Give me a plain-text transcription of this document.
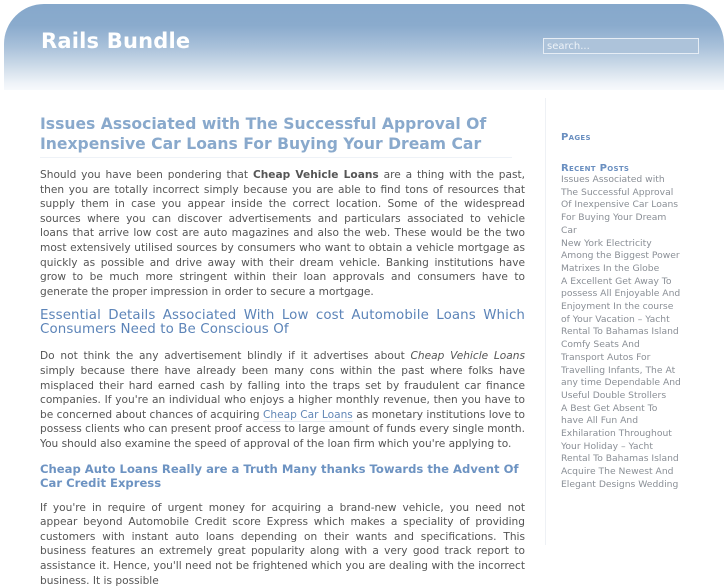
Rails Bundle
search...
Issues Associated with The Successful Approval Of Inexpensive Car Loans For Buying Your Dream Car

Should you have been pondering that Cheap Vehicle Loans are a thing with the past, then you are totally incorrect simply because you are able to find tons of resources that supply them in case you appear inside the correct location. Some of the widespread sources where you can discover advertisements and particulars associated to vehicle loans that arrive low cost are auto magazines and also the web. These would be the two most extensively utilised sources by consumers who want to obtain a vehicle mortgage as quickly as possible and drive away with their dream vehicle. Banking institutions have grow to be much more stringent within their loan approvals and consumers have to generate the proper impression in order to secure a mortgage.

Essential Details Associated With Low cost Automobile Loans Which Consumers Need to Be Conscious Of

Do not think the any advertisement blindly if it advertises about Cheap Vehicle Loans simply because there have already been many cons within the past where folks have misplaced their hard earned cash by falling into the traps set by fraudulent car finance companies. If you're an individual who enjoys a higher monthly revenue, then you have to be concerned about chances of acquiring Cheap Car Loans as monetary institutions love to possess clients who can present proof access to large amount of funds every single month. You should also examine the speed of approval of the loan firm which you're applying to.

Cheap Auto Loans Really are a Truth Many thanks Towards the Advent Of Car Credit Express

If you're in require of urgent money for acquiring a brand-new vehicle, you need not appear beyond Automobile Credit score Express which makes a speciality of providing customers with instant auto loans depending on their wants and specifications. This business features an extremely great popularity along with a very good track report to assistance it. Hence, you'll need not be frightened which you are dealing with the incorrect business. It is possible

Pages
Recent Posts
Issues Associated with The Successful Approval Of Inexpensive Car Loans For Buying Your Dream Car
New York Electricity Among the Biggest Power Matrixes In the Globe
A Excellent Get Away To possess All Enjoyable And Enjoyment In the course of Your Vacation – Yacht Rental To Bahamas Island
Comfy Seats And Transport Autos For Travelling Infants, The At any time Dependable And Useful Double Strollers
A Best Get Absent To have All Fun And Exhilaration Throughout Your Holiday – Yacht Rental To Bahamas Island
Acquire The Newest And Elegant Designs Wedding
